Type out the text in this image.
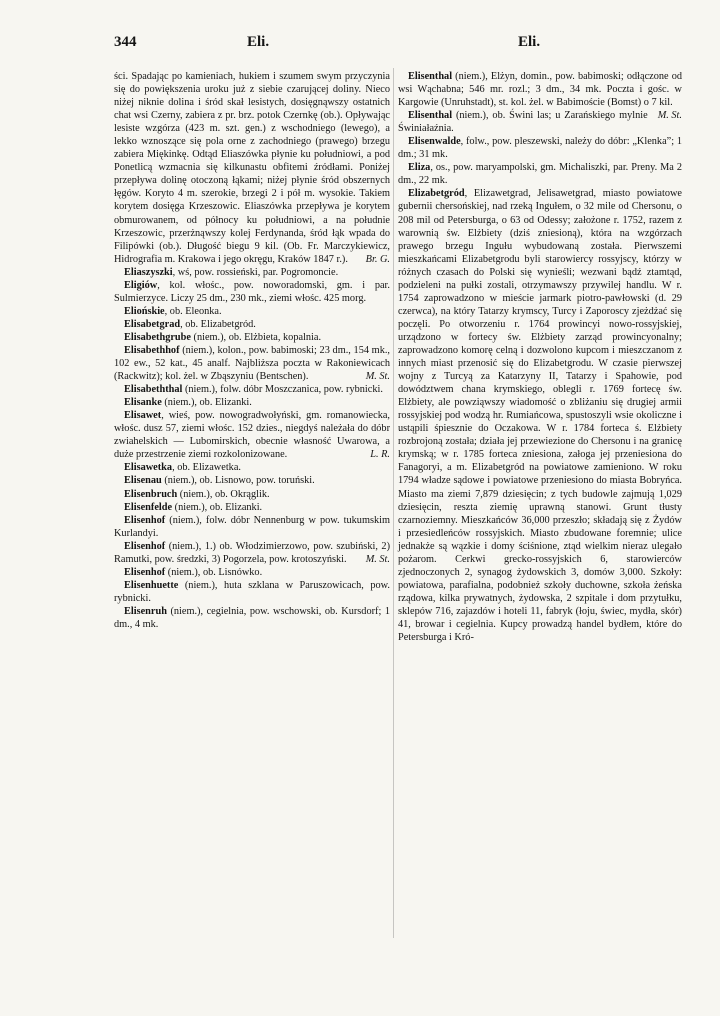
344	Eli.	Eli.

ści. Spadając po kamieniach, hukiem i szumem swym przyczynia się do powiększenia uroku już z siebie czarującej doliny. Nieco niżej niknie dolina i śród skał lesistych, dosięgnąwszy ostatnich chat wsi Czerny, zabiera z pr. brz. potok Czernkę (ob.). Opływając lesiste wzgórza (423 m. szt. gen.) z wschodniego (lewego), a lekko wznoszące się pola orne z zachodniego (prawego) brzegu zabiera Miękinkę. Odtąd Eliaszówka płynie ku południowi, a pod Ponetlicą wzmacnia się kilkunastu obfitemi źródłami. Poniżej przepływa dolinę otoczoną łąkami; niżej płynie śród obszernych łęgów. Koryto 4 m. szerokie, brzegi 2 i pół m. wysokie. Takiem korytem dosięga Krzeszowic. Eliaszówka przepływa je korytem obmurowanem, od północy ku południowi, a na południe Krzeszowic, przerżnąwszy kolej Ferdynanda, śród łąk wpada do Filipówki (ob.). Długość biegu 9 kil. (Ob. Fr. Marczykiewicz, Hidrografia m. Krakowa i jego okręgu, Kraków 1847 r.). Br. G.

Eliaszyszki, wś, pow. rossieński, par. Pogromoncie.

Eligiów, kol. włośc., pow. noworadomski, gm. i par. Sulmierzyce. Liczy 25 dm., 230 mk., ziemi włośc. 425 morg.

Eliońskie, ob. Eleonka.

Elisabetgrad, ob. Elizabetgród.

Elisabethgrube (niem.), ob. Elżbieta, kopalnia.

Elisabethhof (niem.), kolon., pow. babimoski; 23 dm., 154 mk., 102 ew., 52 kat., 45 analf. Najbliższa poczta w Rakoniewicach (Rackwitz); kol. żel. w Zbąszyniu (Bentschen).	M. St.

Elisabeththal (niem.), folw. dóbr Moszczanica, pow. rybnicki.

Elisanke (niem.), ob. Elizanki.

Elisawet, wieś, pow. nowogradwołyński, gm. romanowiecka, włośc. dusz 57, ziemi włośc. 152 dzies., niegdyś należała do dóbr zwiahelskich — Lubomirskich, obecnie własność Uwarowa, a duże przestrzenie ziemi rozkolonizowane.	L. R.

Elisawetka, ob. Elizawetka.

Elisenau (niem.), ob. Lisnowo, pow. toruński.

Elisenbruch (niem.), ob. Okrąglik.

Elisenfelde (niem.), ob. Elizanki.

Elisenhof (niem.), folw. dóbr Nennenburg w pow. tukumskim Kurlandyi.

Elisenhof (niem.), 1.) ob. Włodzimierzowo, pow. szubiński, 2) Ramutki, pow. średzki, 3) Pogorzela, pow. krotoszyński.	M. St.

Elisenhof (niem.), ob. Lisnówko.

Elisenhuette (niem.), huta szklana w Paruszowicach, pow. rybnicki.

Elisenruh (niem.), cegielnia, pow. wschowski, ob. Kursdorf; 1 dm., 4 mk.

Elisenthal (niem.), Elżyn, domin., pow. babimoski; odłączone od wsi Wąchabna; 546 mr. rozl.; 3 dm., 34 mk. Poczta i gośc. w Kargowie (Unruhstadt), st. kol. żel. w Babimoście (Bomst) o 7 kil.
M. St.

Elisenthal (niem.), ob. Świni las; u Zarańskiego mylnie Świniałaźnia.

Elisenwalde, folw., pow. pleszewski, należy do dóbr: „Klenka”; 1 dm.; 31 mk.

Eliza, os., pow. maryampolski, gm. Michaliszki, par. Preny. Ma 2 dm., 22 mk.

Elizabetgród, Elizawetgrad, Jelisawetgrad, miasto powiatowe gubernii chersońskiej, nad rzeką Ingułem, o 32 mile od Chersonu, o 208 mil od Petersburga, o 63 od Odessy; założone r. 1752, razem z warownią św. Elżbiety (dziś zniesioną), która na wzgórzach prawego brzegu Ingułu wybudowaną została. Pierwszemi mieszkańcami Elizabetgrodu byli starowiercy rossyjscy, którzy w różnych czasach do Polski się wynieśli; wezwani bądź ztamtąd, podzieleni na pułki zostali, otrzymawszy przywilej handlu. W r. 1754 zaprowadzono w mieście jarmark piotro-pawłowski (d. 29 czerwca), na który Tatarzy krymscy, Turcy i Zaporoscy zjeżdżać się poczęli. Po otworzeniu r. 1764 prowincyi nowo-rossyjskiej, urządzono w fortecy św. Elżbiety zarząd prowincyonalny; zaprowadzono komorę celną i dozwolono kupcom i mieszczanom z innych miast przenosić się do Elizabetgrodu. W czasie pierwszej wojny z Turcyą za Katarzyny II, Tatarzy i Spahowie, pod dowództwem chana krymskiego, oblegli r. 1769 fortecę św. Elżbiety, ale powziąwszy wiadomość o zbliżaniu się drugiej armii rossyjskiej pod wodzą hr. Rumiańcowa, spustoszyli wsie okoliczne i ustąpili śpiesznie do Oczakowa. W r. 1784 forteca ś. Elżbiety rozbrojoną została; działa jej przewiezione do Chersonu i na granicę krymską; w r. 1785 forteca zniesiona, załoga jej przeniesiona do Fanagoryi, a m. Elizabetgród na powiatowe zamieniono. W roku 1794 władze sądowe i powiatowe przeniesiono do miasta Bobryńca. Miasto ma ziemi 7,879 dziesięcin; z tych budowle zajmują 1,029 dziesięcin, reszta ziemię uprawną stanowi. Grunt tłusty czarnoziemny. Mieszkańców 36,000 przeszło; składają się z Żydów i przesiedleńców rossyjskich. Miasto zbudowane foremnie; ulice jednakże są wązkie i domy ściśnione, ztąd wielkim nieraz ulegało pożarom. Cerkwi grecko-rossyjskich 6, starowierców zjednoczonych 2, synagog żydowskich 3, domów 3,000. Szkoły: powiatowa, parafialna, podobnież szkoły duchowne, szkoła żeńska rządowa, kilka prywatnych, żydowska, 2 szpitale i dom przytułku, sklepów 716, zajazdów i hoteli 11, fabryk (łoju, świec, mydła, skór) 41, browar i cegielnia. Kupcy prowadzą handel bydłem, które do Petersburga i Kró-
